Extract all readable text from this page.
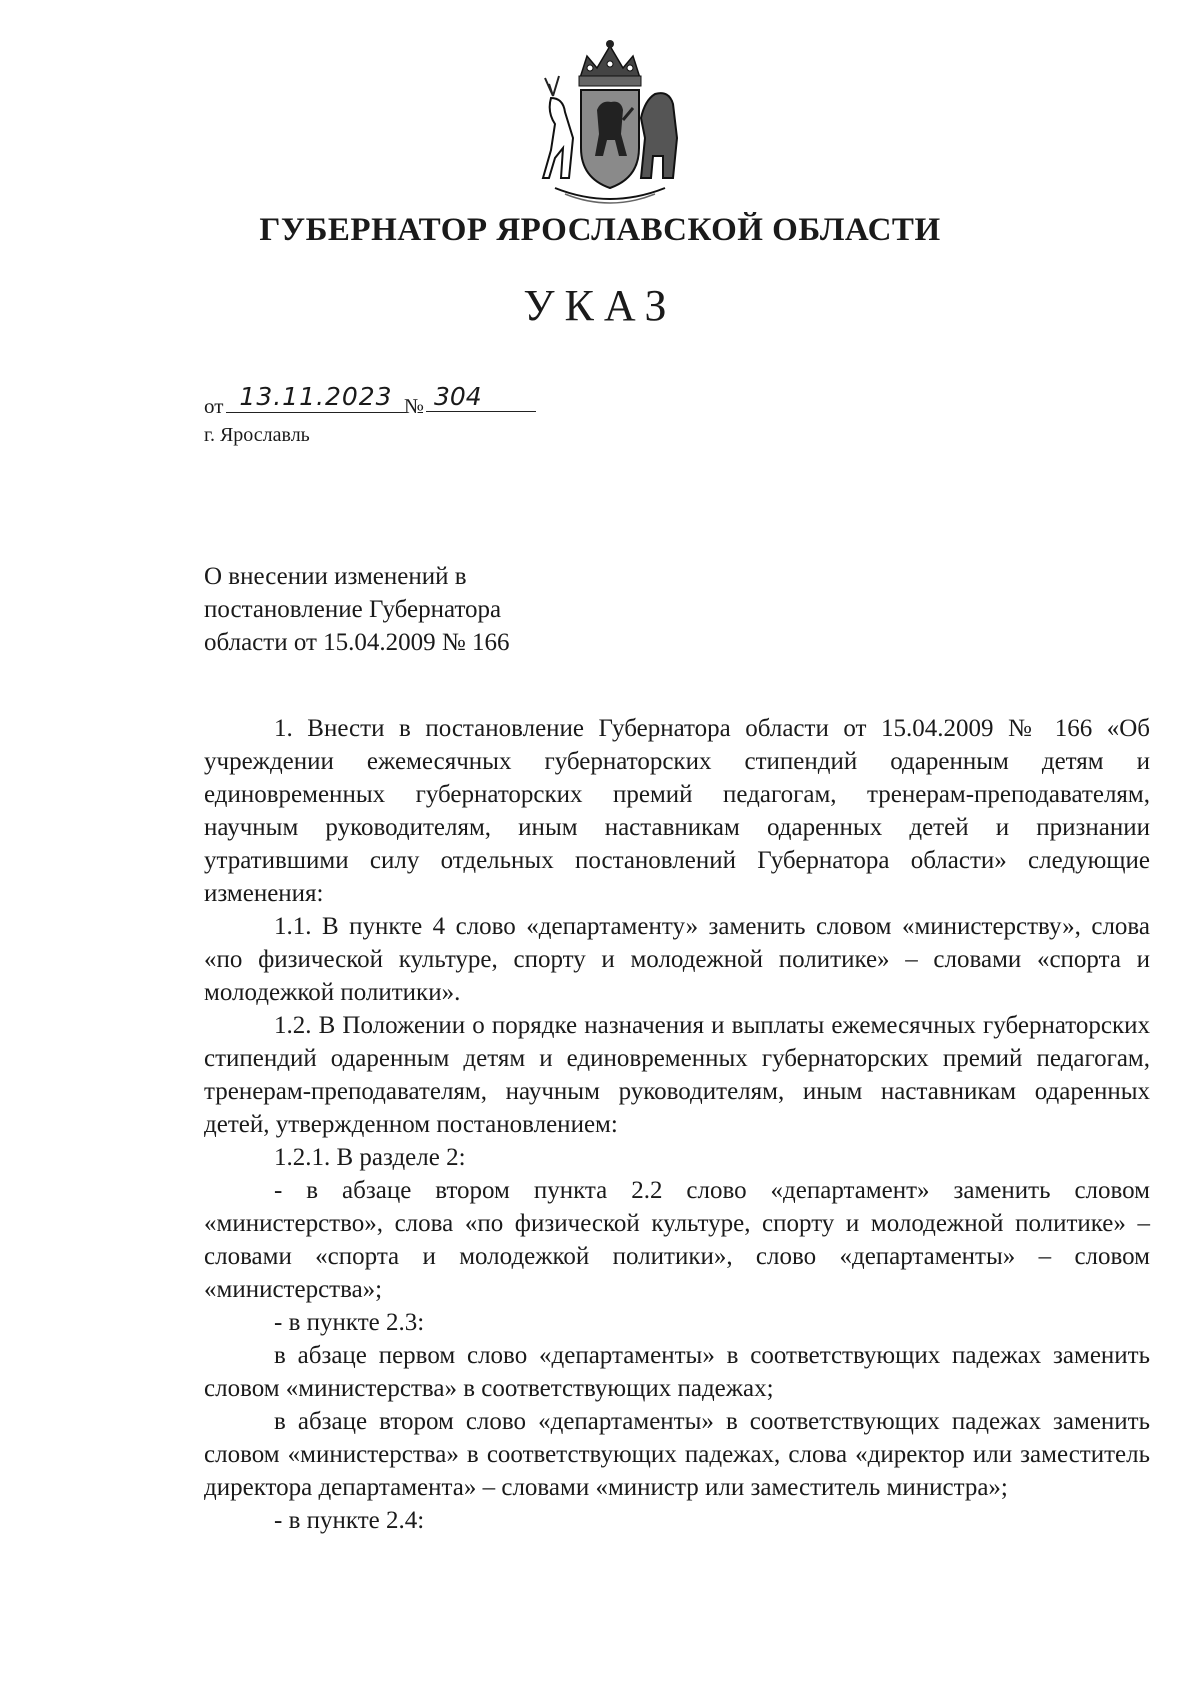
ГУБЕРНАТОР ЯРОСЛАВСКОЙ ОБЛАСТИ
УКАЗ
от 13.11.2023 № 304
г. Ярославль
О внесении изменений в
постановление Губернатора
области от 15.04.2009 № 166

1. Внести в постановление Губернатора области от 15.04.2009 № 166 «Об учреждении ежемесячных губернаторских стипендий одаренным детям и единовременных губернаторских премий педагогам, тренерам-преподавателям, научным руководителям, иным наставникам одаренных детей и признании утратившими силу отдельных постановлений Губернатора области» следующие изменения:

1.1. В пункте 4 слово «департаменту» заменить словом «министерству», слова «по физической культуре, спорту и молодежной политике» – словами «спорта и молодежкой политики».

1.2. В Положении о порядке назначения и выплаты ежемесячных губернаторских стипендий одаренным детям и единовременных губернаторских премий педагогам, тренерам-преподавателям, научным руководителям, иным наставникам одаренных детей, утвержденном постановлением:

1.2.1. В разделе 2:

- в абзаце втором пункта 2.2 слово «департамент» заменить словом «министерство», слова «по физической культуре, спорту и молодежной политике» – словами «спорта и молодежкой политики», слово «департаменты» – словом «министерства»;

- в пункте 2.3:

в абзаце первом слово «департаменты» в соответствующих падежах заменить словом «министерства» в соответствующих падежах;

в абзаце втором слово «департаменты» в соответствующих падежах заменить словом «министерства» в соответствующих падежах, слова «директор или заместитель директора департамента» – словами «министр или заместитель министра»;

- в пункте 2.4:
